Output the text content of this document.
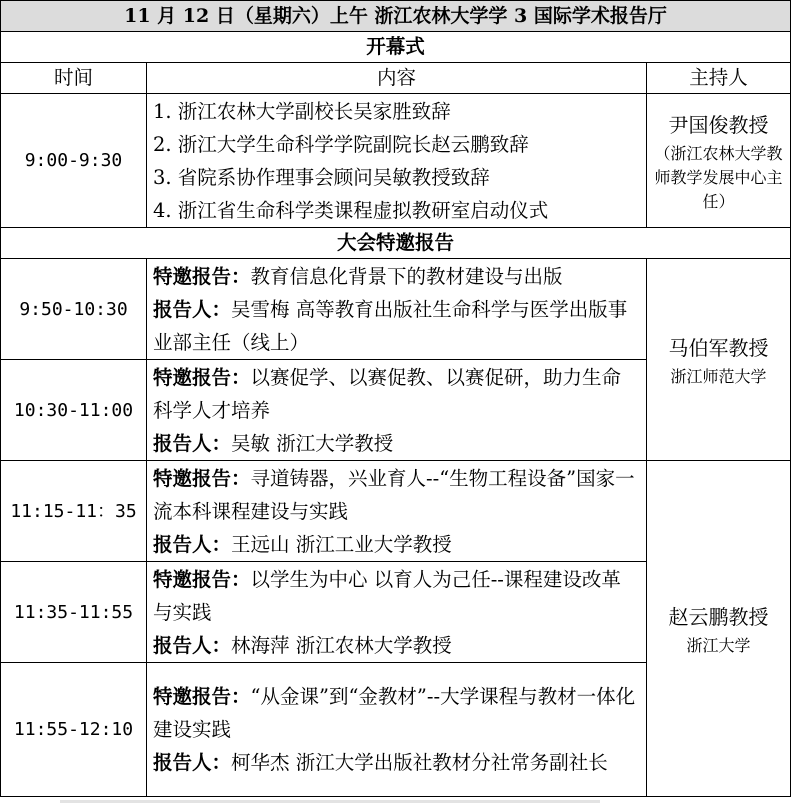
11 月 12 日（星期六）上午 浙江农林大学学 3 国际学术报告厅		
开幕式		
时间	内容	主持人
9:00-9:30	1. 浙江农林大学副校长吴家胜致辞
2. 浙江大学生命科学学院副院长赵云鹏致辞
3. 省院系协作理事会顾问吴敏教授致辞
4. 浙江省生命科学类课程虚拟教研室启动仪式	尹国俊教授
（浙江农林大学教师教学发展中心主任）

大会特邀报告		
9:50-10:30	特邀报告：教育信息化背景下的教材建设与出版
报告人：吴雪梅 高等教育出版社生命科学与医学出版事业部主任（线上）	马伯军教授
浙江师范大学

10:30-11:00	特邀报告：以赛促学、以赛促教、以赛促研，助力生命科学人才培养
报告人：吴敏 浙江大学教授	
11:15-11：35	特邀报告：寻道铸器，兴业育人--“生物工程设备”国家一流本科课程建设与实践
报告人：王远山 浙江工业大学教授	赵云鹏教授
浙江大学

11:35-11:55	特邀报告：以学生为中心 以育人为己任--课程建设改革与实践
报告人：林海萍 浙江农林大学教授	
11:55-12:10	特邀报告：“从金课”到“金教材”--大学课程与教材一体化建设实践
报告人：柯华杰 浙江大学出版社教材分社常务副社长	
